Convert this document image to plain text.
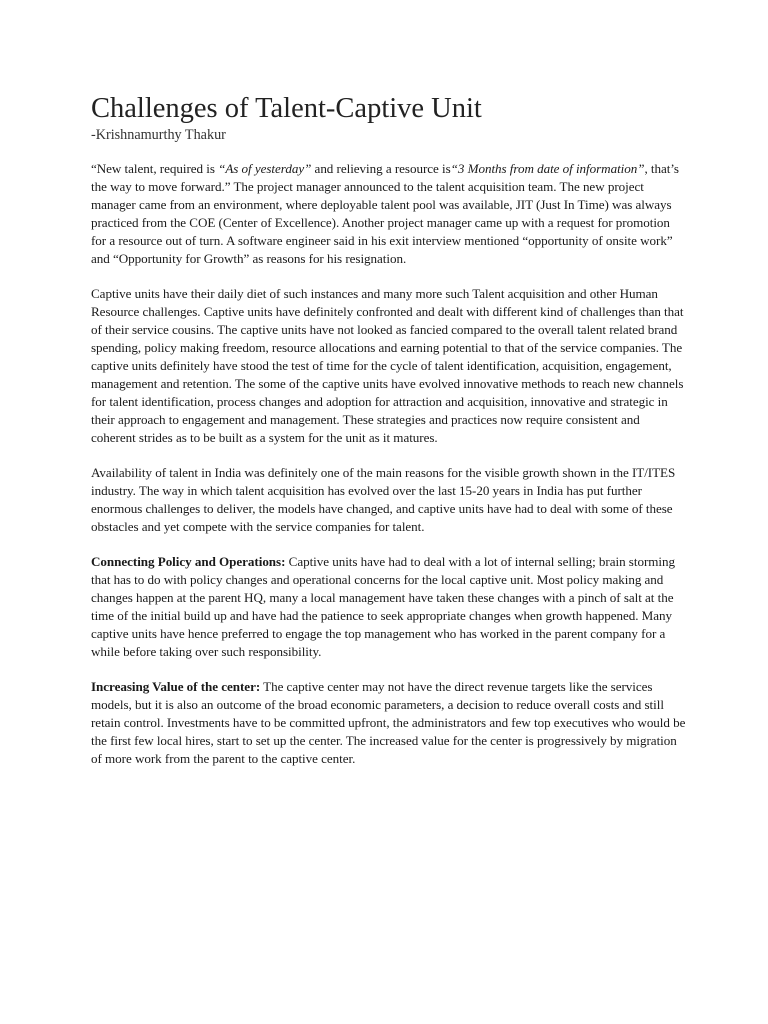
Challenges of Talent-Captive Unit
-Krishnamurthy Thakur

“New talent, required is “As of yesterday” and relieving a resource is“3 Months from date of information”, that’s the way to move forward.” The project manager announced to the talent acquisition team. The new project manager came from an environment, where deployable talent pool was available, JIT (Just In Time) was always practiced from the COE (Center of Excellence). Another project manager came up with a request for promotion for a resource out of turn. A software engineer said in his exit interview mentioned “opportunity of onsite work” and “Opportunity for Growth” as reasons for his resignation.

Captive units have their daily diet of such instances and many more such Talent acquisition and other Human Resource challenges. Captive units have definitely confronted and dealt with different kind of challenges than that of their service cousins. The captive units have not looked as fancied compared to the overall talent related brand spending, policy making freedom, resource allocations and earning potential to that of the service companies. The captive units definitely have stood the test of time for the cycle of talent identification, acquisition, engagement, management and retention. The some of the captive units have evolved innovative methods to reach new channels for talent identification, process changes and adoption for attraction and acquisition, innovative and strategic in their approach to engagement and management. These strategies and practices now require consistent and coherent strides as to be built as a system for the unit as it matures.

Availability of talent in India was definitely one of the main reasons for the visible growth shown in the IT/ITES industry. The way in which talent acquisition has evolved over the last 15-20 years in India has put further enormous challenges to deliver, the models have changed, and captive units have had to deal with some of these obstacles and yet compete with the service companies for talent.

Connecting Policy and Operations: Captive units have had to deal with a lot of internal selling; brain storming that has to do with policy changes and operational concerns for the local captive unit. Most policy making and changes happen at the parent HQ, many a local management have taken these changes with a pinch of salt at the time of the initial build up and have had the patience to seek appropriate changes when growth happened. Many captive units have hence preferred to engage the top management who has worked in the parent company for a while before taking over such responsibility.

Increasing Value of the center: The captive center may not have the direct revenue targets like the services models, but it is also an outcome of the broad economic parameters, a decision to reduce overall costs and still retain control. Investments have to be committed upfront, the administrators and few top executives who would be the first few local hires, start to set up the center. The increased value for the center is progressively by migration of more work from the parent to the captive center.
